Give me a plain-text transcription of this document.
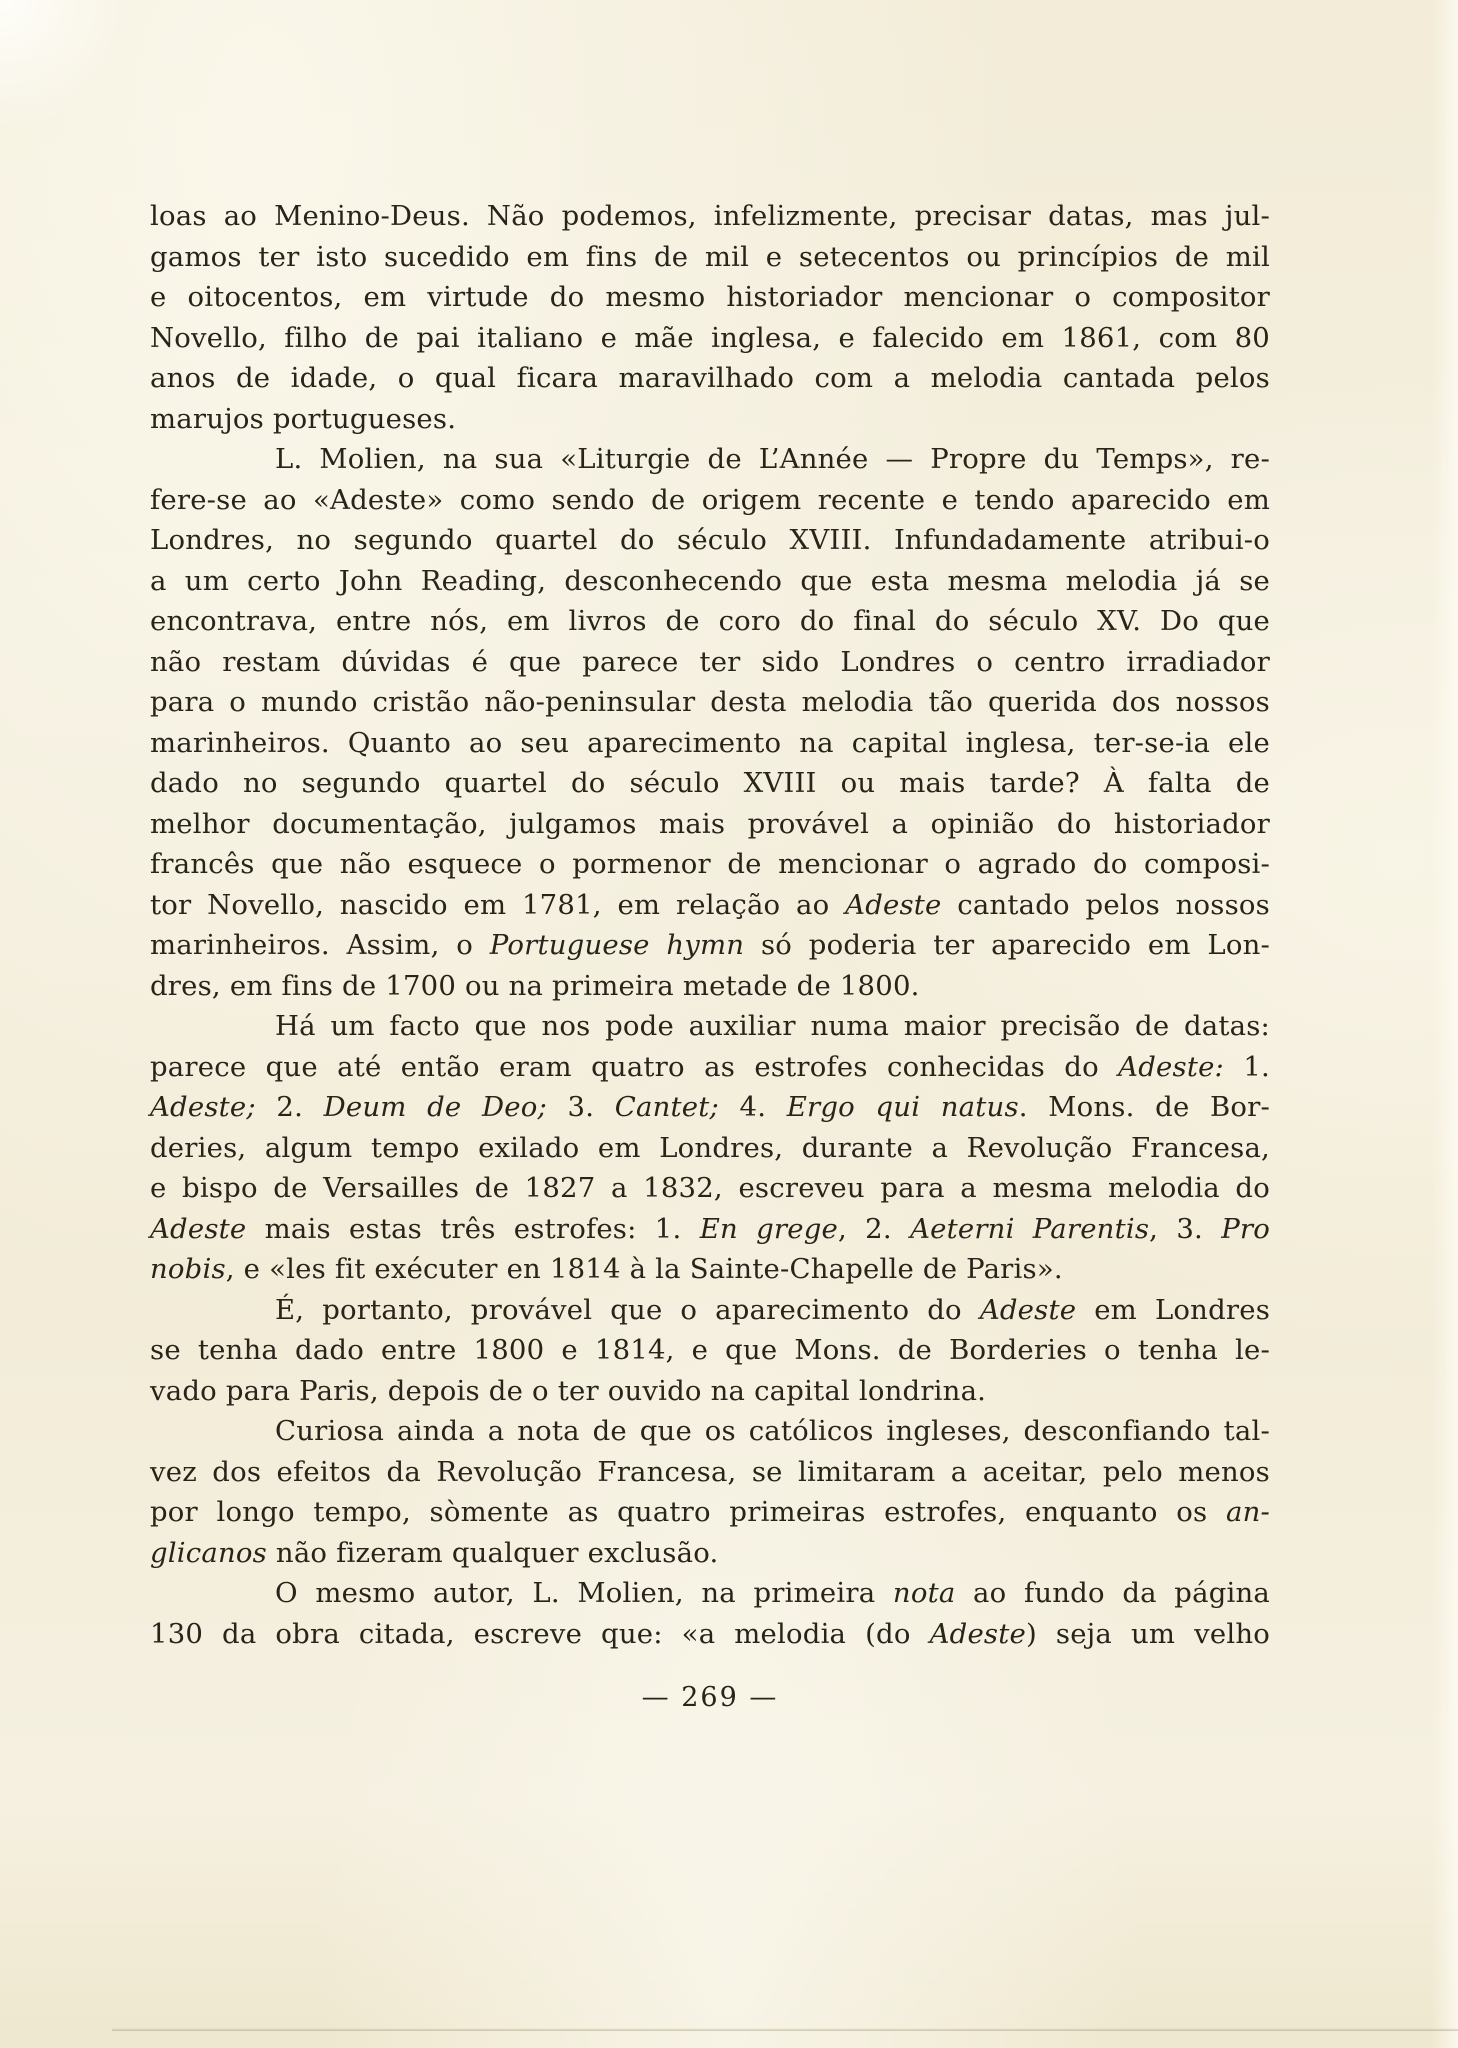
loas ao Menino-Deus. Não podemos, infelizmente, precisar datas, mas jul-
gamos ter isto sucedido em fins de mil e setecentos ou princípios de mil
e oitocentos, em virtude do mesmo historiador mencionar o compositor
Novello, filho de pai italiano e mãe inglesa, e falecido em 1861, com 80
anos de idade, o qual ficara maravilhado com a melodia cantada pelos
marujos portugueses.
L. Molien, na sua «Liturgie de L’Année — Propre du Temps», re-
fere-se ao «Adeste» como sendo de origem recente e tendo aparecido em
Londres, no segundo quartel do século XVIII. Infundadamente atribui-o
a um certo John Reading, desconhecendo que esta mesma melodia já se
encontrava, entre nós, em livros de coro do final do século XV. Do que
não restam dúvidas é que parece ter sido Londres o centro irradiador
para o mundo cristão não-peninsular desta melodia tão querida dos nossos
marinheiros. Quanto ao seu aparecimento na capital inglesa, ter-se-ia ele
dado no segundo quartel do século XVIII ou mais tarde? À falta de
melhor documentação, julgamos mais provável a opinião do historiador
francês que não esquece o pormenor de mencionar o agrado do composi-
tor Novello, nascido em 1781, em relação ao Adeste cantado pelos nossos
marinheiros. Assim, o Portuguese hymn só poderia ter aparecido em Lon-
dres, em fins de 1700 ou na primeira metade de 1800.
Há um facto que nos pode auxiliar numa maior precisão de datas:
parece que até então eram quatro as estrofes conhecidas do Adeste: 1.
Adeste; 2. Deum de Deo; 3. Cantet; 4. Ergo qui natus. Mons. de Bor-
deries, algum tempo exilado em Londres, durante a Revolução Francesa,
e bispo de Versailles de 1827 a 1832, escreveu para a mesma melodia do
Adeste mais estas três estrofes: 1. En grege, 2. Aeterni Parentis, 3. Pro
nobis, e «les fit exécuter en 1814 à la Sainte-Chapelle de Paris».
É, portanto, provável que o aparecimento do Adeste em Londres
se tenha dado entre 1800 e 1814, e que Mons. de Borderies o tenha le-
vado para Paris, depois de o ter ouvido na capital londrina.
Curiosa ainda a nota de que os católicos ingleses, desconfiando tal-
vez dos efeitos da Revolução Francesa, se limitaram a aceitar, pelo menos
por longo tempo, sòmente as quatro primeiras estrofes, enquanto os an-
glicanos não fizeram qualquer exclusão.
O mesmo autor, L. Molien, na primeira nota ao fundo da página
130 da obra citada, escreve que: «a melodia (do Adeste) seja um velho
— 269 —
